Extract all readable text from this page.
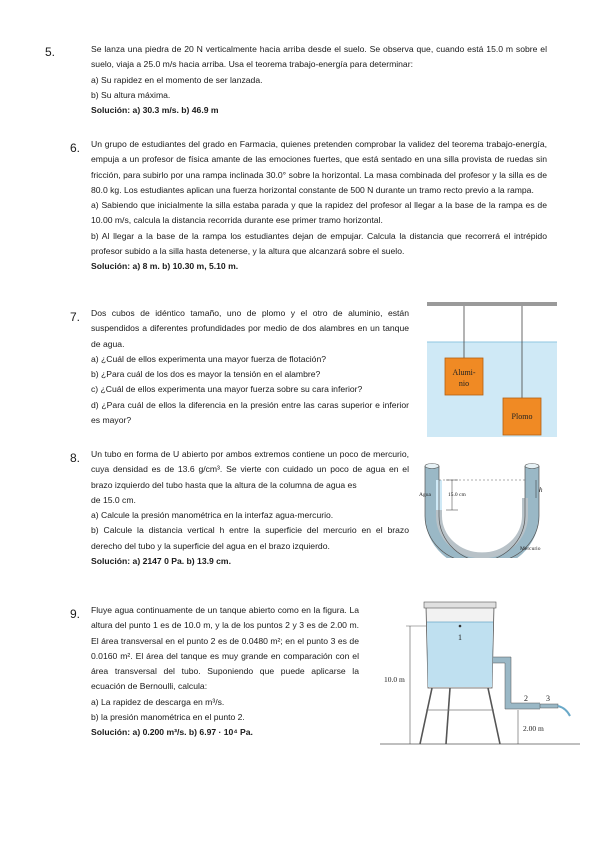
5.	Se lanza una piedra de 20 N verticalmente hacia arriba desde el suelo. Se observa que, cuando está 15.0 m sobre el suelo, viaja a 25.0 m/s hacia arriba. Usa el teorema trabajo-energía para determinar:

a) Su rapidez en el momento de ser lanzada.

b) Su altura máxima.

Solución: a) 30.3 m/s. b) 46.9 m

6. Un grupo de estudiantes del grado en Farmacia, quienes pretenden comprobar la validez del teorema trabajo-energía, empuja a un profesor de física amante de las emociones fuertes, que está sentado en una silla provista de ruedas sin fricción, para subirlo por una rampa inclinada 30.0° sobre la horizontal. La masa combinada del profesor y la silla es de 80.0 kg. Los estudiantes aplican una fuerza horizontal constante de 500 N durante un tramo recto previo a la rampa.

a) Sabiendo que inicialmente la silla estaba parada y que la rapidez del profesor al llegar a la base de la rampa es de 10.00 m/s, calcula la distancia recorrida durante ese primer tramo horizontal.

b) Al llegar a la base de la rampa los estudiantes dejan de empujar. Calcula la distancia que recorrerá el intrépido profesor subido a la silla hasta detenerse, y la altura que alcanzará sobre el suelo.

Solución: a) 8 m. b) 10.30 m, 5.10 m.

7. Dos cubos de idéntico tamaño, uno de plomo y el otro de aluminio, están suspendidos a diferentes profundidades por medio de dos alambres en un tanque de agua.

a) ¿Cuál de ellos experimenta una mayor fuerza de flotación?

b) ¿Para cuál de los dos es mayor la tensión en el alambre?

c) ¿Cuál de ellos experimenta una mayor fuerza sobre su cara inferior?

d) ¿Para cuál de ellos la diferencia en la presión entre las caras superior e inferior es mayor?

Alumi-
nio
Plomo
8. Un tubo en forma de U abierto por ambos extremos contiene un poco de mercurio, cuya densidad es de 13.6 g/cm³. Se vierte con cuidado un poco de agua en el brazo izquierdo del tubo hasta que la altura de la columna de agua es

de 15.0 cm.

a) Calcule la presión manométrica en la interfaz agua-mercurio.

b) Calcule la distancia vertical h entre la superficie del mercurio en el brazo derecho del tubo y la superficie del agua en el brazo izquierdo.

Solución: a) 2147 0 Pa. b) 13.9 cm.

Agua	15.0 cm
h
Mercurio
9. Fluye agua continuamente de un tanque abierto como en la figura. La altura del punto 1 es de 10.0 m, y la de los puntos 2 y 3 es de 2.00 m. El área transversal en el punto 2 es de 0.0480 m²; en el punto 3 es de 0.0160 m². El área del tanque es muy grande en comparación con el área transversal del tubo. Suponiendo que puede aplicarse la ecuación de Bernoulli, calcula:

a) La rapidez de descarga en m³/s.

b) la presión manométrica en el punto 2.

Solución: a) 0.200 m³/s. b) 6.97 · 10⁴ Pa.

1
2 3
10.0 m
2.00 m
